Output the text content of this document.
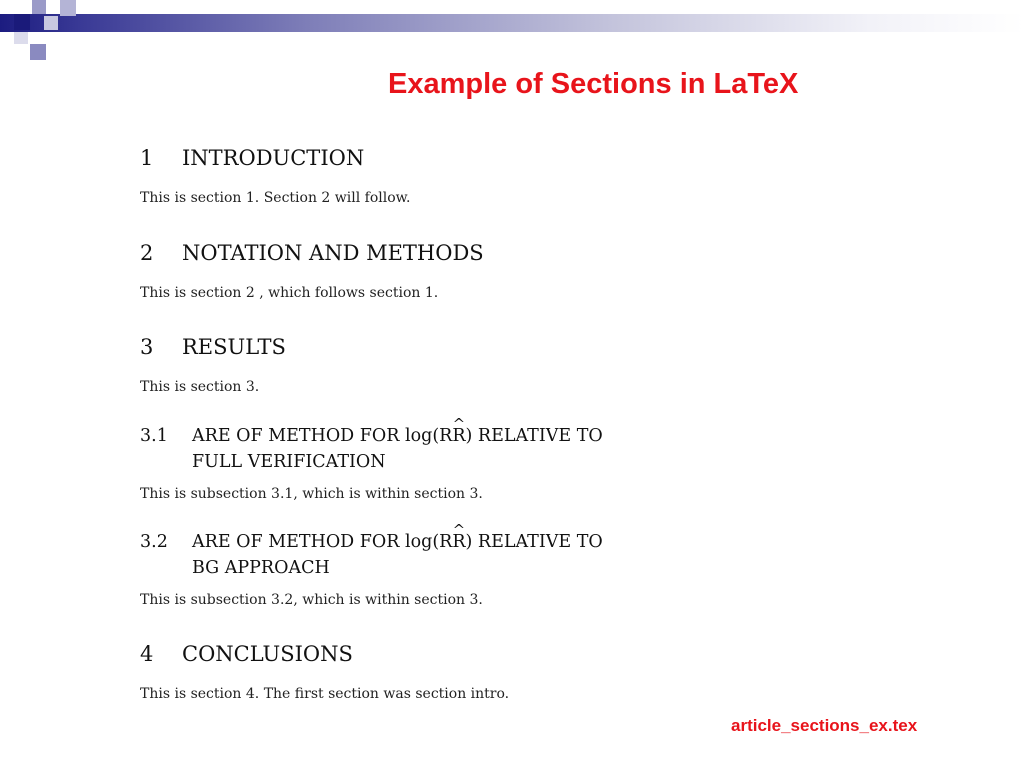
Example of Sections in LaTeX
1 INTRODUCTION
This is section 1. Section 2 will follow.
2 NOTATION AND METHODS
This is section 2 , which follows section 1.
3 RESULTS
This is section 3.
3.1 ARE OF METHOD FOR log(R^ R) RELATIVE TO
FULL VERIFICATION
This is subsection 3.1, which is within section 3.
3.2 ARE OF METHOD FOR log(R^ R) RELATIVE TO
BG APPROACH
This is subsection 3.2, which is within section 3.
4 CONCLUSIONS
This is section 4. The first section was section intro.
article_sections_ex.tex
